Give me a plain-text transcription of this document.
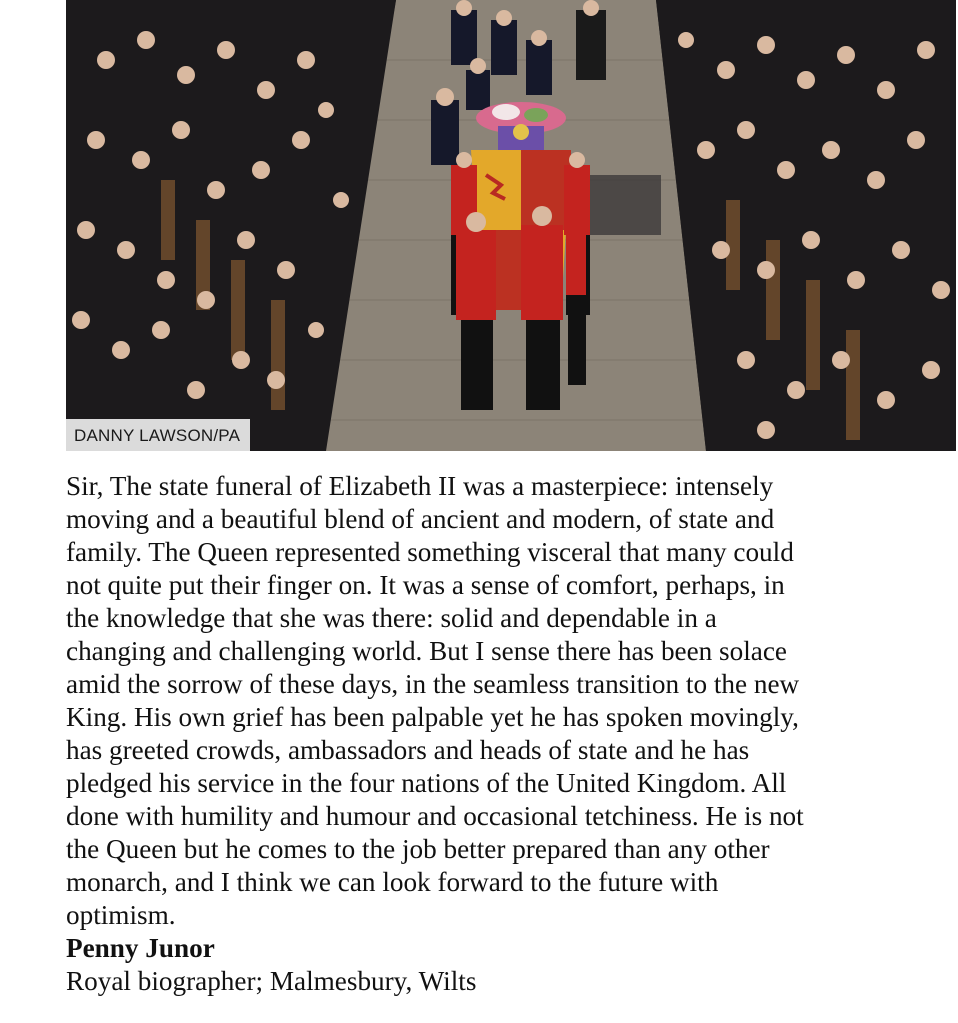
DANNY LAWSON/PA

Sir, The state funeral of Elizabeth II was a masterpiece: intensely

moving and a beautiful blend of ancient and modern, of state and

family. The Queen represented something visceral that many could

not quite put their finger on. It was a sense of comfort, perhaps, in

the knowledge that she was there: solid and dependable in a

changing and challenging world. But I sense there has been solace

amid the sorrow of these days, in the seamless transition to the new

King. His own grief has been palpable yet he has spoken movingly,

has greeted crowds, ambassadors and heads of state and he has

pledged his service in the four nations of the United Kingdom. All

done with humility and humour and occasional tetchiness. He is not

the Queen but he comes to the job better prepared than any other

monarch, and I think we can look forward to the future with

optimism.

Penny Junor

Royal biographer; Malmesbury, Wilts
